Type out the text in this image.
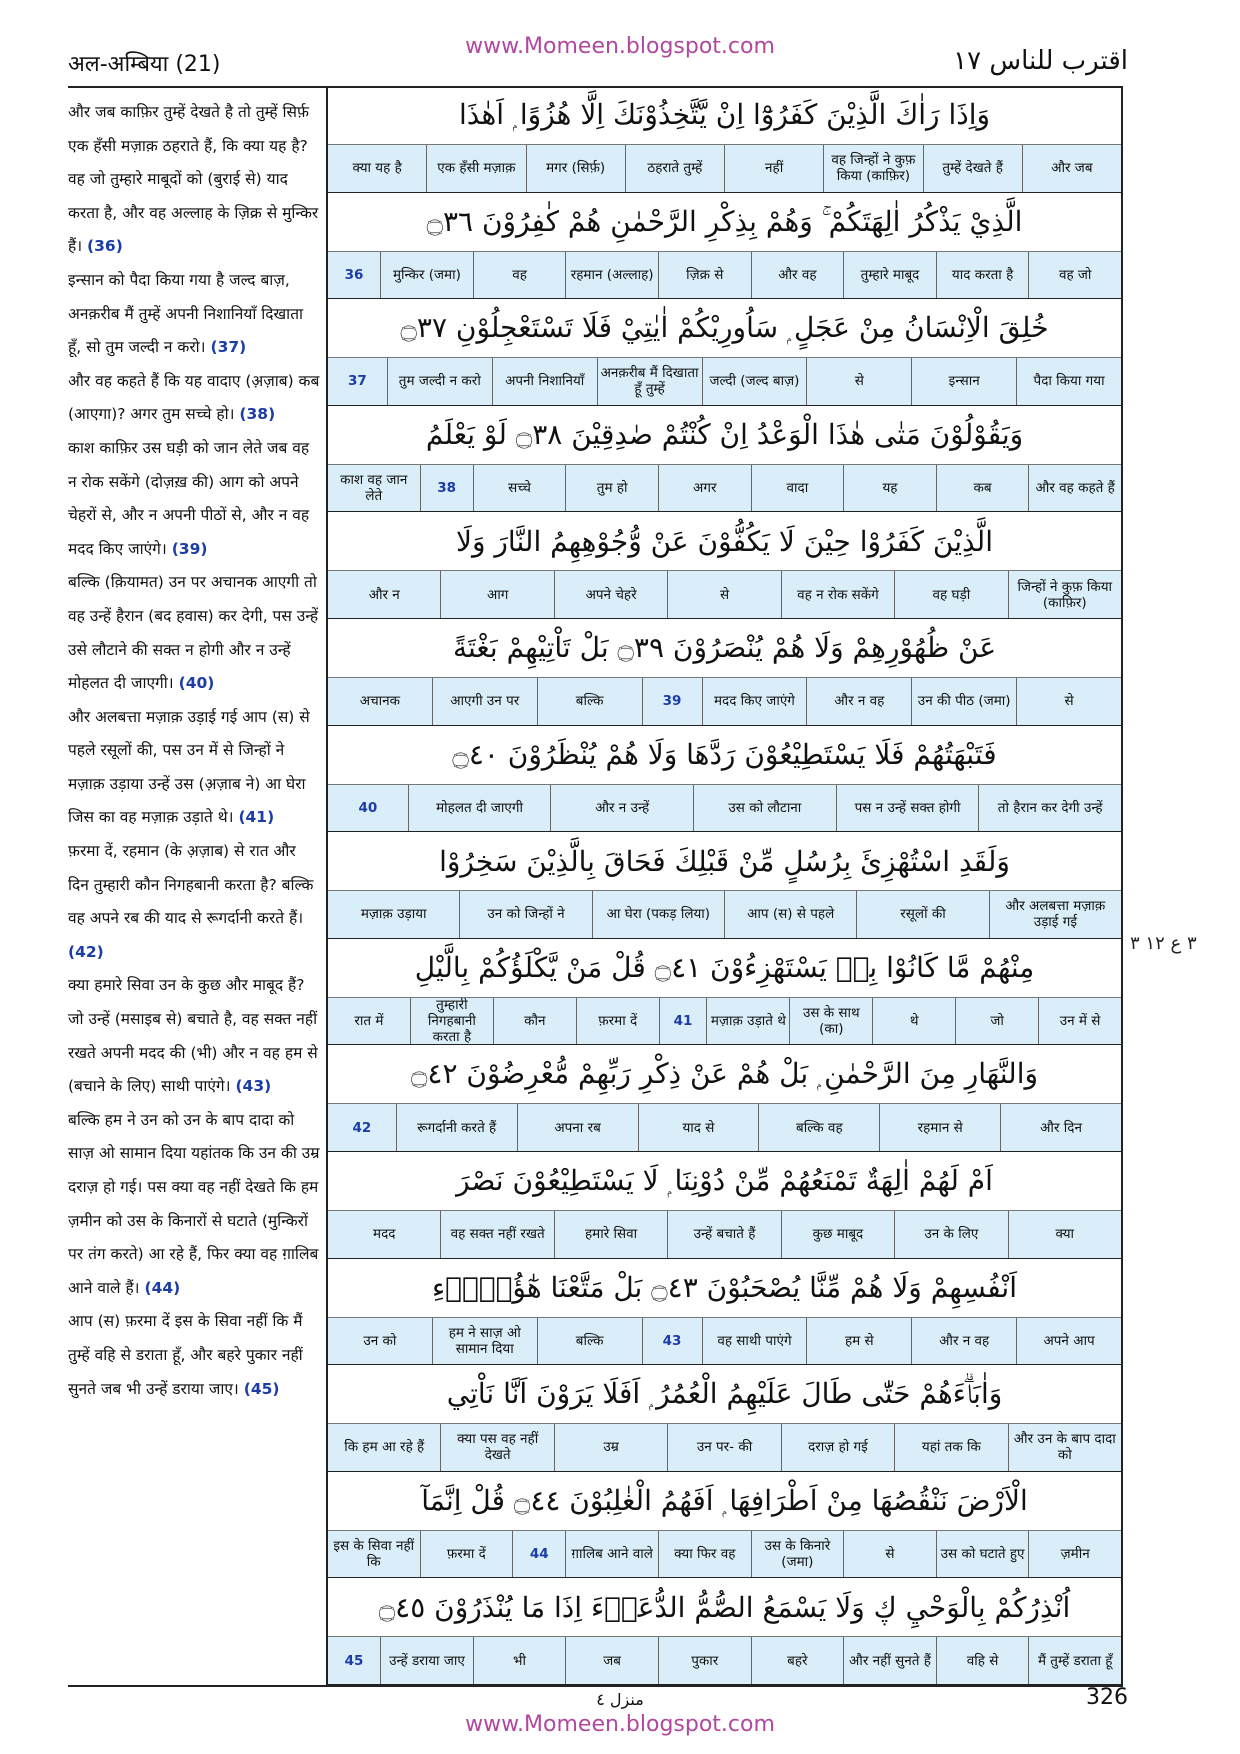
अल-अम्बिया (21)
www.Momeen.blogspot.com	اقترب للناس ١٧

और जब काफ़िर तुम्हें देखते है तो तुम्हें सिर्फ़ एक हँसी मज़ाक़ ठहराते हैं, कि क्या यह है? वह जो तुम्हारे माबूदों को (बुराई से) याद करता है, और वह अल्लाह के ज़िक्र से मुन्किर हैं। (36)

इन्सान को पैदा किया गया है जल्द बाज़, अनक़रीब मैं तुम्हें अपनी निशानियाँ दिखाता हूँ, सो तुम जल्दी न करो। (37)

और वह कहते हैं कि यह वादाए (अ़ज़ाब) कब (आएगा)? अगर तुम सच्चे हो। (38)

काश काफ़िर उस घड़ी को जान लेते जब वह न रोक सकेंगे (दोज़ख़ की) आग को अपने चेहरों से, और न अपनी पीठों से, और न वह मदद किए जाएंगे। (39)

बल्कि (क़ियामत) उन पर अचानक आएगी तो वह उन्हें हैरान (बद हवास) कर देगी, पस उन्हें उसे लौटाने की सक्त न होगी और न उन्हें मोहलत दी जाएगी। (40)

और अलबत्ता मज़ाक़ उड़ाई गई आप (स) से पहले रसूलों की, पस उन में से जिन्हों ने मज़ाक़ उड़ाया उन्हें उस (अ़ज़ाब ने) आ घेरा जिस का वह मज़ाक़ उड़ाते थे। (41)

फ़रमा दें, रहमान (के अ़ज़ाब) से रात और दिन तुम्हारी कौन निगहबानी करता है? बल्कि वह अपने रब की याद से रूगर्दानी करते हैं। (42)

क्या हमारे सिवा उन के कुछ और माबूद हैं? जो उन्हें (मसाइब से) बचाते है, वह सक्त नहीं रखते अपनी मदद की (भी) और न वह हम से (बचाने के लिए) साथी पाएंगे। (43)

बल्कि हम ने उन को उन के बाप दादा को साज़ ओ सामान दिया यहांतक कि उन की उम्र दराज़ हो गई। पस क्या वह नहीं देखते कि हम ज़मीन को उस के किनारों से घटाते (मुन्किरों पर तंग करते) आ रहे हैं, फिर क्या वह ग़ालिब आने वाले हैं। (44)

आप (स) फ़रमा दें इस के सिवा नहीं कि मैं तुम्हें वहि से डराता हूँ, और बहरे पुकार नहीं सुनते जब भी उन्हें डराया जाए। (45)

وَاِذَا رَاٰكَ الَّذِيْنَ كَفَرُوْٓا اِنْ يَّتَّخِذُوْنَكَ اِلَّا هُزُوًا ۭ اَهٰذَا
और जब
तुम्हें देखते हैं
वह जिन्हों ने कुफ़ किया (काफ़िर)
नहीं
ठहराते तुम्हें
मगर (सिर्फ़)
एक हँसी मज़ाक़
क्या यह है
الَّذِيْ يَذْكُرُ اٰلِهَتَكُمْ ۚ وَهُمْ بِذِكْرِ الرَّحْمٰنِ هُمْ كٰفِرُوْنَ ۝٣٦
वह जो
याद करता है
तुम्हारे माबूद
और वह
ज़िक्र से
रहमान (अल्लाह)
वह
मुन्किर (जमा)
36
خُلِقَ الْاِنْسَانُ مِنْ عَجَلٍ ۭ سَاُورِيْكُمْ اٰيٰتِيْ فَلَا تَسْتَعْجِلُوْنِ ۝٣٧
पैदा किया गया
इन्सान
से
जल्दी (जल्द बाज़)
अनक़रीब मैं दिखाता हूँ तुम्हें
अपनी निशानियाँ
तुम जल्दी न करो
37
وَيَقُوْلُوْنَ مَتٰى هٰذَا الْوَعْدُ اِنْ كُنْتُمْ صٰدِقِيْنَ ۝٣٨ لَوْ يَعْلَمُ
और वह कहते हैं
कब
यह
वादा
अगर
तुम हो
सच्चे
38
काश वह जान लेते
الَّذِيْنَ كَفَرُوْا حِيْنَ لَا يَكُفُّوْنَ عَنْ وُّجُوْهِهِمُ النَّارَ وَلَا
जिन्हों ने कुफ़ किया (काफ़िर)
वह घड़ी
वह न रोक सकेंगे
से
अपने चेहरे
आग
और न
عَنْ ظُهُوْرِهِمْ وَلَا هُمْ يُنْصَرُوْنَ ۝٣٩ بَلْ تَاْتِيْهِمْ بَغْتَةً
से
उन की पीठ (जमा)
और न वह
मदद किए जाएंगे
39
बल्कि
आएगी उन पर
अचानक
فَتَبْهَتُهُمْ فَلَا يَسْتَطِيْعُوْنَ رَدَّهَا وَلَا هُمْ يُنْظَرُوْنَ ۝٤٠
तो हैरान कर देगी उन्हें
पस न उन्हें सक्त होगी
उस को लौटाना
और न उन्हें
मोहलत दी जाएगी
40
وَلَقَدِ اسْتُهْزِئَ بِرُسُلٍ مِّنْ قَبْلِكَ فَحَاقَ بِالَّذِيْنَ سَخِرُوْا
और अलबत्ता मज़ाक़ उड़ाई गई
रसूलों की
आप (स) से पहले
आ घेरा (पकड़ लिया)
उन को जिन्हों ने
मज़ाक़ उड़ाया
مِنْهُمْ مَّا كَانُوْا بِهٖ يَسْتَهْزِءُوْنَ ۝٤١ قُلْ مَنْ يَّكْلَؤُكُمْ بِالَّيْلِ
उन में से
जो
थे
उस के साथ (का)
मज़ाक़ उड़ाते थे
41
फ़रमा दें
कौन
तुम्हारी निगहबानी करता है
रात में
وَالنَّهَارِ مِنَ الرَّحْمٰنِ ۭ بَلْ هُمْ عَنْ ذِكْرِ رَبِّهِمْ مُّعْرِضُوْنَ ۝٤٢
और दिन
रहमान से
बल्कि वह
याद से
अपना रब
रूगर्दानी करते हैं
42
اَمْ لَهُمْ اٰلِهَةٌ تَمْنَعُهُمْ مِّنْ دُوْنِنَا ۭ لَا يَسْتَطِيْعُوْنَ نَصْرَ
क्या
उन के लिए
कुछ माबूद
उन्हें बचाते हैं
हमारे सिवा
वह सक्त नहीं रखते
मदद
اَنْفُسِهِمْ وَلَا هُمْ مِّنَّا يُصْحَبُوْنَ ۝٤٣ بَلْ مَتَّعْنَا هٰٓؤُلَاۗءِ
अपने आप
और न वह
हम से
वह साथी पाएंगे
43
बल्कि
हम ने साज़ ओ सामान दिया
उन को
وَاٰبَاۗءَهُمْ حَتّٰى طَالَ عَلَيْهِمُ الْعُمُرُ ۭ اَفَلَا يَرَوْنَ اَنَّا نَاْتِي
और उन के बाप दादा को
यहां तक कि
दराज़ हो गई
उन पर- की
उम्र
क्या पस वह नहीं देखते
कि हम आ रहे हैं
الْاَرْضَ نَنْقُصُهَا مِنْ اَطْرَافِهَا ۭ اَفَهُمُ الْغٰلِبُوْنَ ۝٤٤ قُلْ اِنَّمَآ
ज़मीन
उस को घटाते हुए
से
उस के किनारे (जमा)
क्या फिर वह
ग़ालिब आने वाले
44
फ़रमा दें
इस के सिवा नहीं कि
اُنْذِرُكُمْ بِالْوَحْيِ ڮ وَلَا يَسْمَعُ الصُّمُّ الدُّعَاۗءَ اِذَا مَا يُنْذَرُوْنَ ۝٤٥
मैं तुम्हें डराता हूँ
वहि से
और नहीं सुनते हैं
बहरे
पुकार
जब
भी
उन्हें डराया जाए
45
٣ ع ١٢ ٣
منزل ٤	326
www.Momeen.blogspot.com
